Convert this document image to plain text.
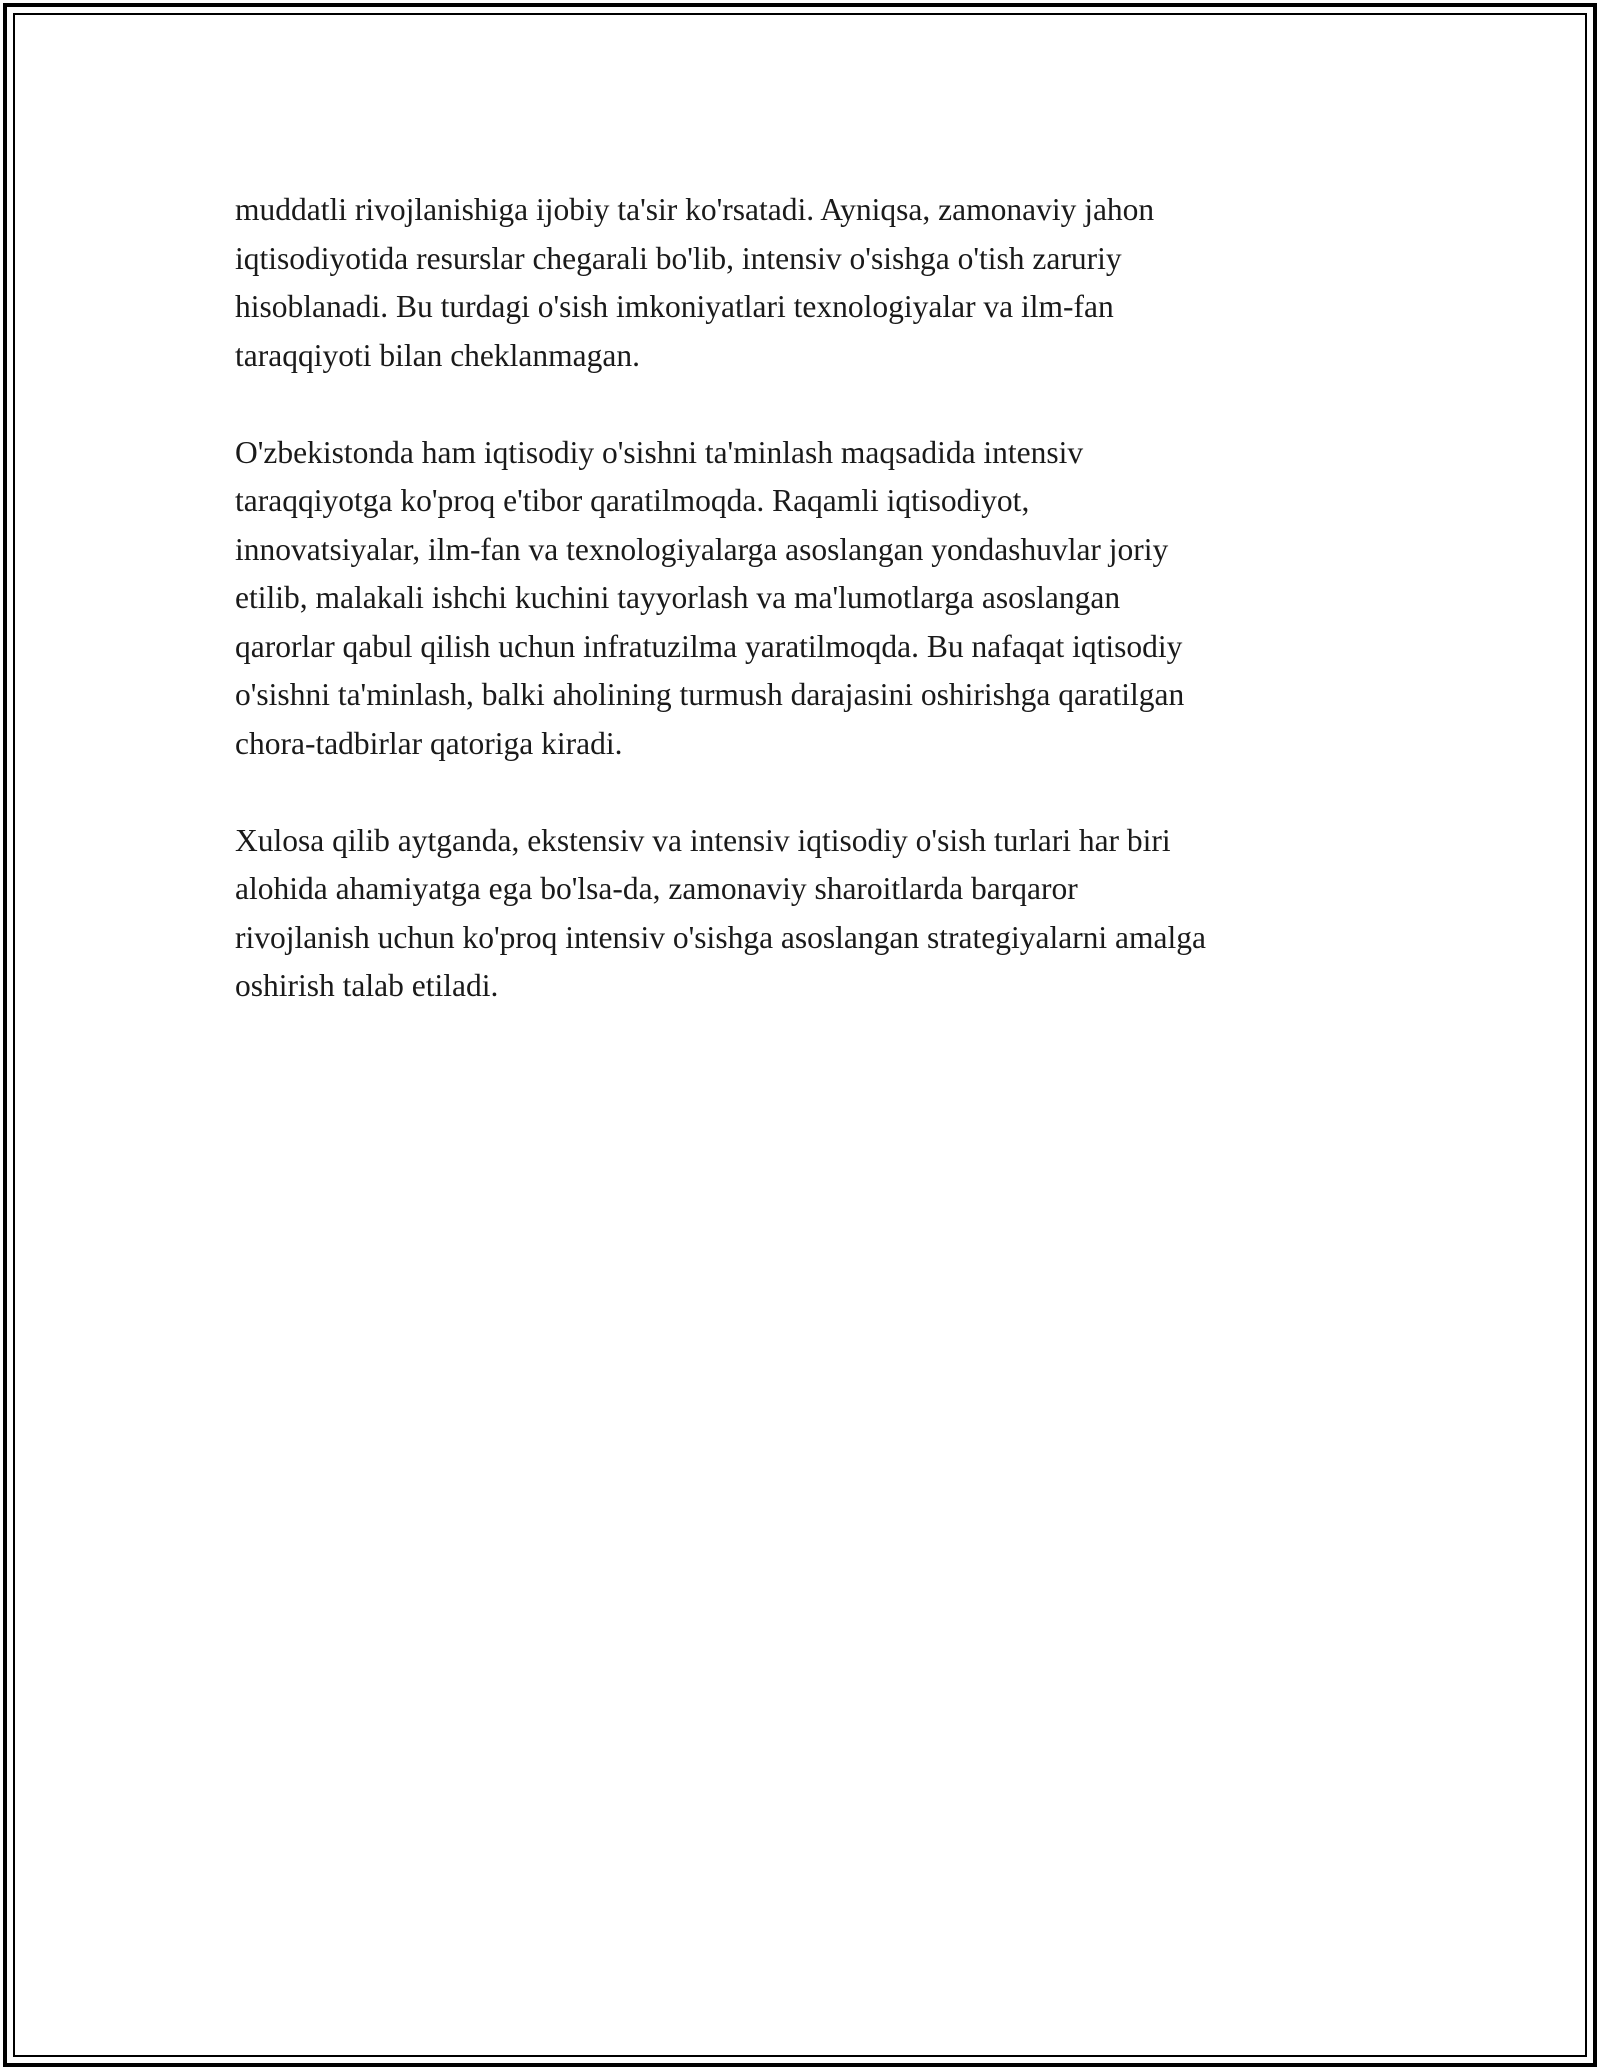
muddatli rivojlanishiga ijobiy ta'sir ko'rsatadi. Ayniqsa, zamonaviy jahon
iqtisodiyotida resurslar chegarali bo'lib, intensiv o'sishga o'tish zaruriy
hisoblanadi. Bu turdagi o'sish imkoniyatlari texnologiyalar va ilm-fan
taraqqiyoti bilan cheklanmagan.

O'zbekistonda ham iqtisodiy o'sishni ta'minlash maqsadida intensiv
taraqqiyotga ko'proq e'tibor qaratilmoqda. Raqamli iqtisodiyot,
innovatsiyalar, ilm-fan va texnologiyalarga asoslangan yondashuvlar joriy
etilib, malakali ishchi kuchini tayyorlash va ma'lumotlarga asoslangan
qarorlar qabul qilish uchun infratuzilma yaratilmoqda. Bu nafaqat iqtisodiy
o'sishni ta'minlash, balki aholining turmush darajasini oshirishga qaratilgan
chora-tadbirlar qatoriga kiradi.

Xulosa qilib aytganda, ekstensiv va intensiv iqtisodiy o'sish turlari har biri
alohida ahamiyatga ega bo'lsa-da, zamonaviy sharoitlarda barqaror
rivojlanish uchun ko'proq intensiv o'sishga asoslangan strategiyalarni amalga
oshirish talab etiladi.
